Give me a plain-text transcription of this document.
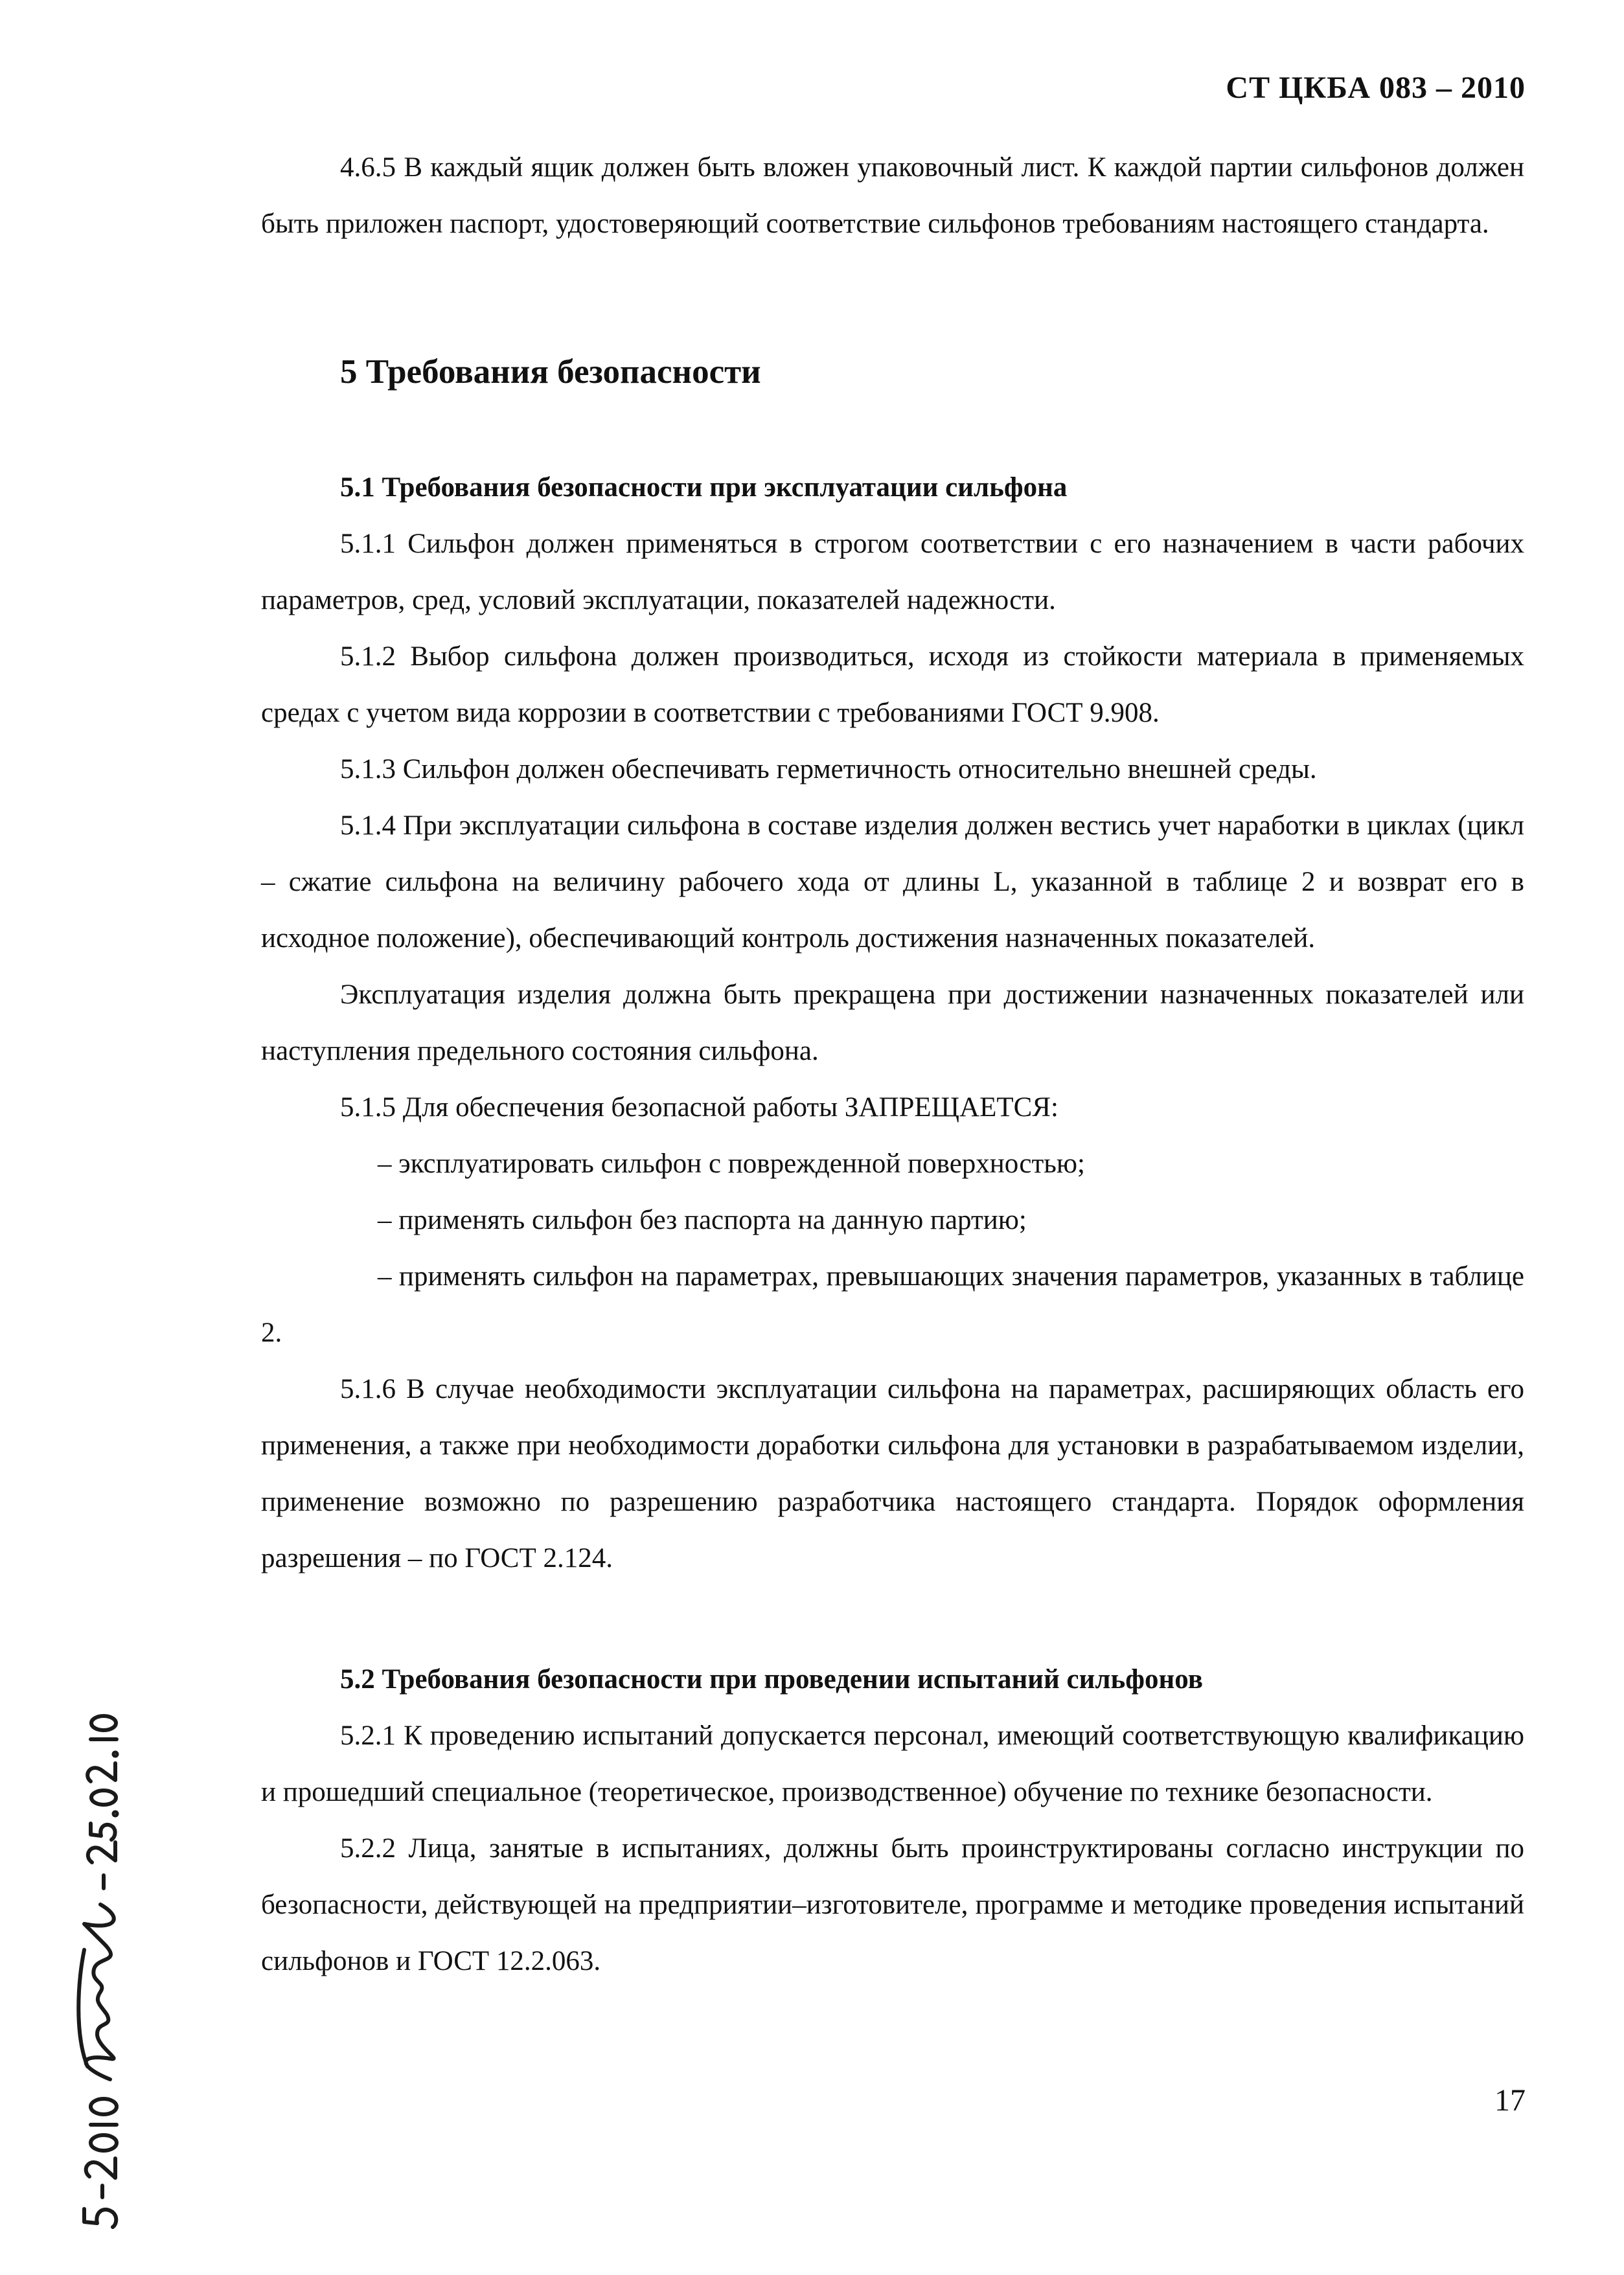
СТ ЦКБА 083 – 2010

4.6.5 В каждый ящик должен быть вложен упаковочный лист. К каждой партии сильфонов должен быть приложен паспорт, удостоверяющий соответствие сильфонов требованиям настоящего стандарта.

5 Требования безопасности
5.1 Требования безопасности при эксплуатации сильфона

5.1.1 Сильфон должен применяться в строгом соответствии с его назначением в части рабочих параметров, сред, условий эксплуатации, показателей надежности.

5.1.2 Выбор сильфона должен производиться, исходя из стойкости материала в применяемых средах с учетом вида коррозии в соответствии с требованиями ГОСТ 9.908.

5.1.3 Сильфон должен обеспечивать герметичность относительно внешней среды.

5.1.4 При эксплуатации сильфона в составе изделия должен вестись учет наработки в циклах (цикл – сжатие сильфона на величину рабочего хода от длины L, указанной в таблице 2 и возврат его в исходное положение), обеспечивающий контроль достижения назначенных показателей.

Эксплуатация изделия должна быть прекращена при достижении назначенных показателей или наступления предельного состояния сильфона.

5.1.5 Для обеспечения безопасной работы ЗАПРЕЩАЕТСЯ:

– эксплуатировать сильфон с поврежденной поверхностью;

– применять сильфон без паспорта на данную партию;

– применять сильфон на параметрах, превышающих значения параметров, указанных в таблице 2.

5.1.6 В случае необходимости эксплуатации сильфона на параметрах, расширяющих область его применения, а также при необходимости доработки сильфона для установки в разрабатываемом изделии, применение возможно по разрешению разработчика настоящего стандарта. Порядок оформления разрешения – по ГОСТ 2.124.

5.2 Требования безопасности при проведении испытаний сильфонов

5.2.1 К проведению испытаний допускается персонал, имеющий соответствующую квалификацию и прошедший специальное (теоретическое, производственное) обучение по технике безопасности.

5.2.2 Лица, занятые в испытаниях, должны быть проинструктированы согласно инструкции по безопасности, действующей на предприятии–изготовителе, программе и методике проведения испытаний сильфонов и ГОСТ 12.2.063.

17
